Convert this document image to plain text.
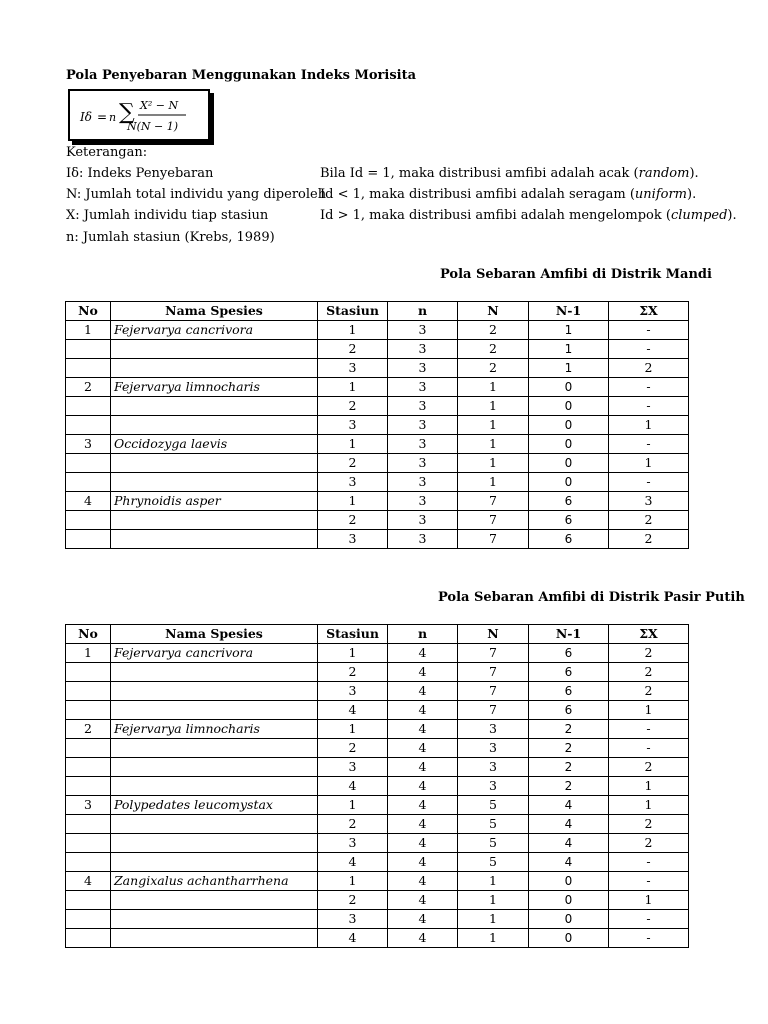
Pola Penyebaran Menggunakan Indeks Morisita
Iδ = n ∑ X² − N
N(N − 1)
Keterangan:
Iδ: Indeks Penyebaran
N: Jumlah total individu yang diperoleh
X: Jumlah individu tiap stasiun
n: Jumlah stasiun (Krebs, 1989)
Bila Id = 1, maka distribusi amfibi adalah acak (random).
Id < 1, maka distribusi amfibi adalah seragam (uniform).
Id > 1, maka distribusi amfibi adalah mengelompok (clumped).
Pola Sebaran Amfibi di Distrik Mandi
No	Nama Spesies	Stasiun	n	N	N-1	ΣX
1	Fejervarya cancrivora	1	3	2	1	-
		2	3	2	1	-
		3	3	2	1	2
2	Fejervarya limnocharis	1	3	1	0	-
		2	3	1	0	-
		3	3	1	0	1
3	Occidozyga laevis	1	3	1	0	-
		2	3	1	0	1
		3	3	1	0	-
4	Phrynoidis asper	1	3	7	6	3
		2	3	7	6	2
		3	3	7	6	2
Pola Sebaran Amfibi di Distrik Pasir Putih
No	Nama Spesies	Stasiun	n	N	N-1	ΣX
1	Fejervarya cancrivora	1	4	7	6	2
		2	4	7	6	2
		3	4	7	6	2
		4	4	7	6	1
2	Fejervarya limnocharis	1	4	3	2	-
		2	4	3	2	-
		3	4	3	2	2
		4	4	3	2	1
3	Polypedates leucomystax	1	4	5	4	1
		2	4	5	4	2
		3	4	5	4	2
		4	4	5	4	-
4	Zangixalus achantharrhena	1	4	1	0	-
		2	4	1	0	1
		3	4	1	0	-
		4	4	1	0	-
